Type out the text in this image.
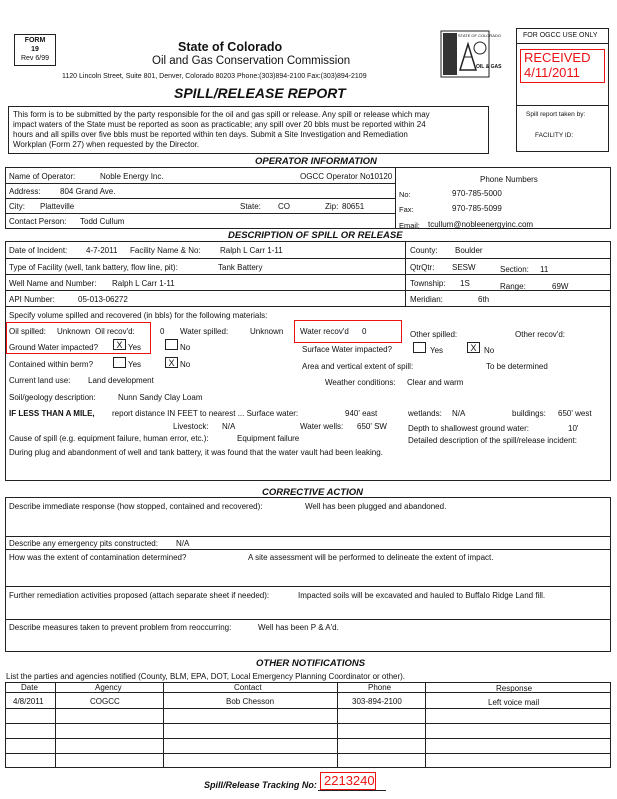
FORM
19
Rev 6/99
State of Colorado
Oil and Gas Conservation Commission
1120 Lincoln Street, Suite 801, Denver, Colorado 80203 Phone:(303)894-2100 Fax:(303)894-2109
SPILL/RELEASE REPORT
STATE OF COLORADO
OIL & GAS
FOR OGCC USE ONLY
RECEIVED
4/11/2011
Spill report taken by:
FACILITY ID:
This form is to be submitted by the party responsible for the oil and gas spill or release. Any spill or release which may
impact waters of the State must be reported as soon as practicable; any spill over 20 bbls must be reported within 24
hours and all spills over five bbls must be reported within ten days. Submit a Site Investigation and Remediation
Workplan (Form 27) when requested by the Director.
OPERATOR INFORMATION
Name of Operator:	Noble Energy Inc.	OGCC Operator No:
10120	Phone Numbers
Address: 804 Grand Ave.
City: Platteville	State: CO	Zip: 80651
Contact Person: Todd Cullum
No:	970-785-5000
Fax:	970-785-5099
Email: tcullum@nobleenergyinc.com
DESCRIPTION OF SPILL OR RELEASE
Date of Incident: 4-7-2011 Facility Name & No: Ralph L Carr 1-11	County: Boulder
Type of Facility (well, tank battery, flow line, pit):	Tank Battery	QtrQtr: SESW	Section: 11
Well Name and Number: Ralph L Carr 1-11	Township: 1S	Range:	69W
API Number:	05-013-06272	Meridian:	6th
Specify volume spilled and recovered (in bbls) for the following materials:
Oil spilled: Unknown Oil recov'd:	0 Water spilled:	Unknown Water recov'd 0	Other spilled:	Other recov'd:
Ground Water impacted?	X Yes	No	Surface Water impacted?	Yes	X No
Contained within berm?	Yes	X No	Area and vertical extent of spill:	To be determined
Current land use: Land development	Weather conditions: Clear and warm
Soil/geology description:	Nunn Sandy Clay Loam
IF LESS THAN A MILE, report distance IN FEET to nearest ... Surface water:	940' east	wetlands: N/A	buildings: 650' west
Livestock: N/A	Water wells: 650' SW	Depth to shallowest ground water:	10'
Cause of spill (e.g. equipment failure, human error, etc.):	Equipment failure	Detailed description of the spill/release incident:
During plug and abandonment of well and tank battery, it was found that the water vault had been leaking.
CORRECTIVE ACTION
Describe immediate response (how stopped, contained and recovered):	Well has been plugged and abandoned.
Describe any emergency pits constructed: N/A
How was the extent of contamination determined?	A site assessment will be performed to delineate the extent of impact.
Further remediation activities proposed (attach separate sheet if needed):	Impacted soils will be excavated and hauled to Buffalo Ridge Land fill.
Describe measures taken to prevent problem from reoccurring:	Well has been P & A'd.
OTHER NOTIFICATIONS
List the parties and agencies notified (County, BLM, EPA, DOT, Local Emergency Planning Coordinator or other).
Date	Agency	Contact	Phone	Response
4/8/2011	COGCC	Bob Chesson	303-894-2100	Left voice mail
Spill/Release Tracking No: 2213240
